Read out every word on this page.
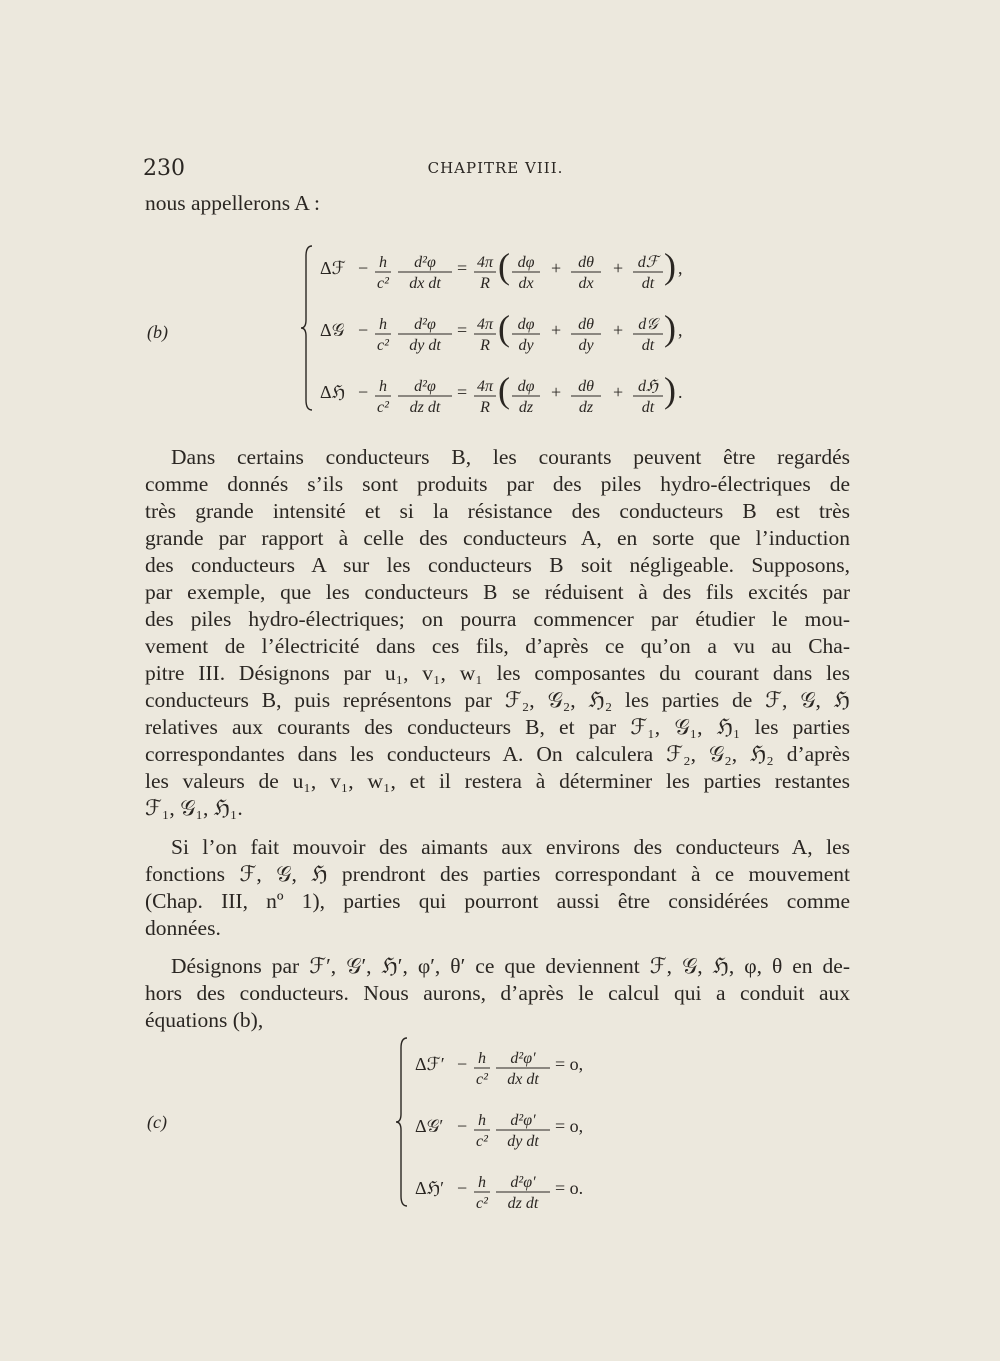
230	CHAPITRE VIII.
nous appellerons A :
(b)
Δℱ − h
c²
d²φ
dx dt
= 4π
R ( dφ
dx
+ dθ
dx
+ dℱ
dt ) ,
Δ𝒢 − h
c²
d²φ
dy dt
= 4π
R ( dφ
dy
+ dθ
dy
+ d𝒢
dt ) ,
Δℌ − h
c²
d²φ
dz dt
= 4π
R ( dφ
dz
+ dθ
dz
+ dℌ
dt ) .
Dans certains conducteurs B, les courants peuvent être regardés
comme donnés s’ils sont produits par des piles hydro-électriques de
très grande intensité et si la résistance des conducteurs B est très
grande par rapport à celle des conducteurs A, en sorte que l’induction
des conducteurs A sur les conducteurs B soit négligeable. Supposons,
par exemple, que les conducteurs B se réduisent à des fils excités par
des piles hydro-électriques; on pourra commencer par étudier le mou-
vement de l’électricité dans ces fils, d’après ce qu’on a vu au Cha-
pitre III. Désignons par u₁, v₁, w₁ les composantes du courant dans les
conducteurs B, puis représentons par ℱ₂, 𝒢₂, ℌ₂ les parties de ℱ, 𝒢, ℌ
relatives aux courants des conducteurs B, et par ℱ₁, 𝒢₁, ℌ₁ les parties
correspondantes dans les conducteurs A. On calculera ℱ₂, 𝒢₂, ℌ₂ d’après
les valeurs de u₁, v₁, w₁, et il restera à déterminer les parties restantes
ℱ₁, 𝒢₁, ℌ₁.
Si l’on fait mouvoir des aimants aux environs des conducteurs A, les
fonctions ℱ, 𝒢, ℌ prendront des parties correspondant à ce mouvement
(Chap. III, nº 1), parties qui pourront aussi être considérées comme
données.
Désignons par ℱ′, 𝒢′, ℌ′, φ′, θ′ ce que deviennent ℱ, 𝒢, ℌ, φ, θ en de-
hors des conducteurs. Nous aurons, d’après le calcul qui a conduit aux
équations (b),
(c)
Δℱ′ − h
c²
d²φ′
dx dt
= o,
Δ𝒢′ − h
c²
d²φ′
dy dt
= o,
Δℌ′ − h
c²
d²φ′
dz dt
= o.
